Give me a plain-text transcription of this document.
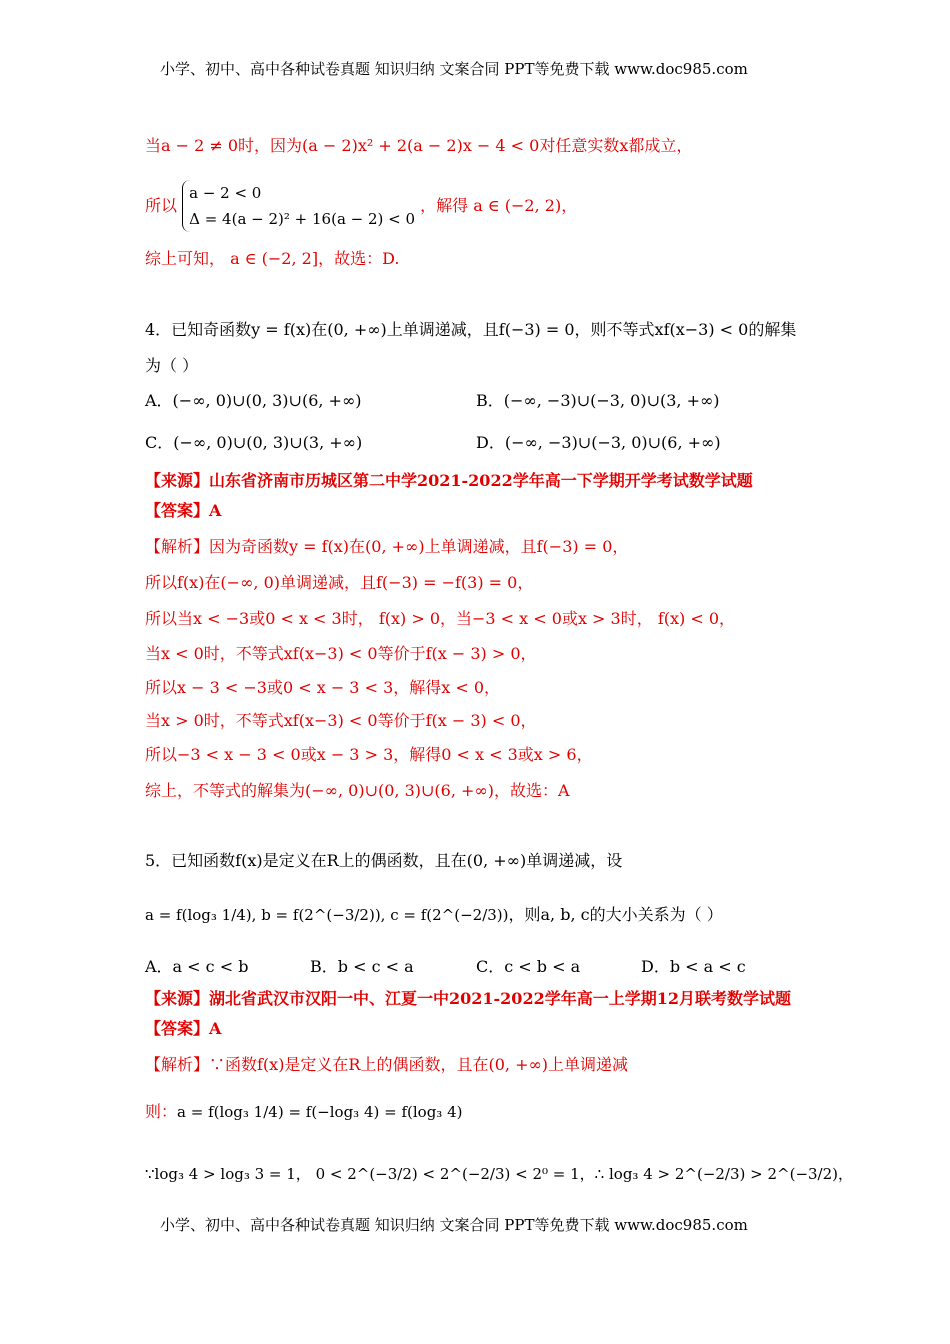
小学、初中、高中各种试卷真题 知识归纳 文案合同 PPT等免费下载 www.doc985.com
当a − 2 ≠ 0时，因为(a − 2)x² + 2(a − 2)x − 4 < 0对任意实数x都成立，
所以
a − 2 < 0
Δ = 4(a − 2)² + 16(a − 2) < 0
，解得 a ∈ (−2, 2)，
综上可知， a ∈ (−2, 2]，故选：D.
4．已知奇函数y = f(x)在(0, +∞)上单调递减，且f(−3) = 0，则不等式xf(x−3) < 0的解集
为（ ）
A．(−∞, 0)∪(0, 3)∪(6, +∞)	B．(−∞, −3)∪(−3, 0)∪(3, +∞)
C．(−∞, 0)∪(0, 3)∪(3, +∞)	D．(−∞, −3)∪(−3, 0)∪(6, +∞)
【来源】山东省济南市历城区第二中学2021-2022学年高一下学期开学考试数学试题
【答案】A
【解析】因为奇函数y = f(x)在(0, +∞)上单调递减，且f(−3) = 0，
所以f(x)在(−∞, 0)单调递减，且f(−3) = −f(3) = 0，
所以当x < −3或0 < x < 3时， f(x) > 0，当−3 < x < 0或x > 3时， f(x) < 0，
当x < 0时，不等式xf(x−3) < 0等价于f(x − 3) > 0，
所以x − 3 < −3或0 < x − 3 < 3，解得x < 0，
当x > 0时，不等式xf(x−3) < 0等价于f(x − 3) < 0，
所以−3 < x − 3 < 0或x − 3 > 3，解得0 < x < 3或x > 6，
综上，不等式的解集为(−∞, 0)∪(0, 3)∪(6, +∞)，故选：A
5．已知函数f(x)是定义在R上的偶函数，且在(0, +∞)单调递减，设
a = f(log₃ 1/4), b = f(2^(−3/2)), c = f(2^(−2/3))，则a, b, c的大小关系为（ ）
A．a < c < b	B．b < c < a	C．c < b < a	D．b < a < c
【来源】湖北省武汉市汉阳一中、江夏一中2021-2022学年高一上学期12月联考数学试题
【答案】A
【解析】∵函数f(x)是定义在R上的偶函数，且在(0, +∞)上单调递减
则：a = f(log₃ 1/4) = f(−log₃ 4) = f(log₃ 4)
∵log₃ 4 > log₃ 3 = 1， 0 < 2^(−3/2) < 2^(−2/3) < 2⁰ = 1，∴ log₃ 4 > 2^(−2/3) > 2^(−3/2)，
小学、初中、高中各种试卷真题 知识归纳 文案合同 PPT等免费下载 www.doc985.com
